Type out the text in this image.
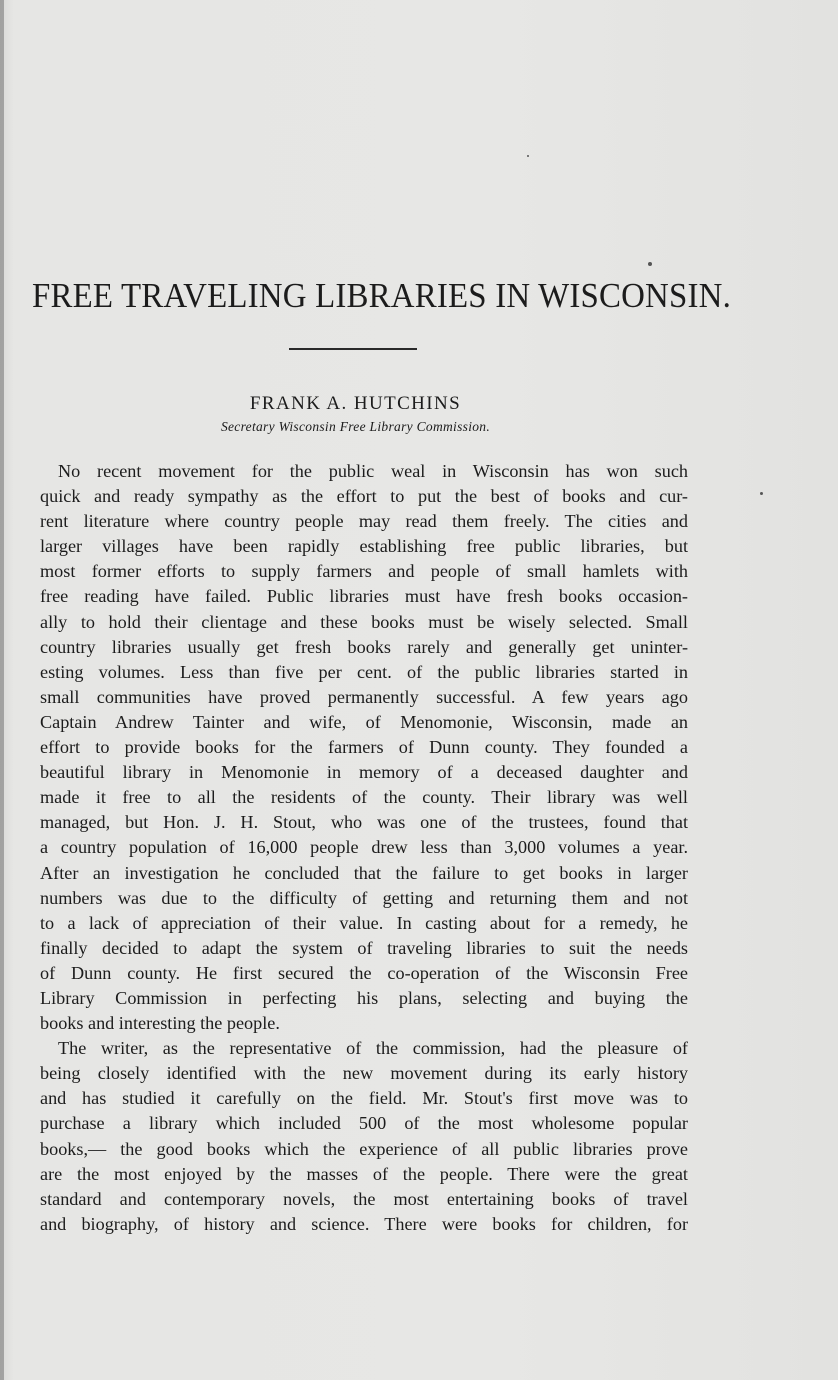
FREE TRAVELING LIBRARIES IN WISCONSIN.
FRANK A. HUTCHINS
Secretary Wisconsin Free Library Commission.
No recent movement for the public weal in Wisconsin has won such
quick and ready sympathy as the effort to put the best of books and cur-
rent literature where country people may read them freely. The cities and
larger villages have been rapidly establishing free public libraries, but
most former efforts to supply farmers and people of small hamlets with
free reading have failed. Public libraries must have fresh books occasion-
ally to hold their clientage and these books must be wisely selected. Small
country libraries usually get fresh books rarely and generally get uninter-
esting volumes. Less than five per cent. of the public libraries started in
small communities have proved permanently successful. A few years ago
Captain Andrew Tainter and wife, of Menomonie, Wisconsin, made an
effort to provide books for the farmers of Dunn county. They founded a
beautiful library in Menomonie in memory of a deceased daughter and
made it free to all the residents of the county. Their library was well
managed, but Hon. J. H. Stout, who was one of the trustees, found that
a country population of 16,000 people drew less than 3,000 volumes a year.
After an investigation he concluded that the failure to get books in larger
numbers was due to the difficulty of getting and returning them and not
to a lack of appreciation of their value. In casting about for a remedy, he
finally decided to adapt the system of traveling libraries to suit the needs
of Dunn county. He first secured the co-operation of the Wisconsin Free
Library Commission in perfecting his plans, selecting and buying the
books and interesting the people.
The writer, as the representative of the commission, had the pleasure of
being closely identified with the new movement during its early history
and has studied it carefully on the field. Mr. Stout's first move was to
purchase a library which included 500 of the most wholesome popular
books,— the good books which the experience of all public libraries prove
are the most enjoyed by the masses of the people. There were the great
standard and contemporary novels, the most entertaining books of travel
and biography, of history and science. There were books for children, for
